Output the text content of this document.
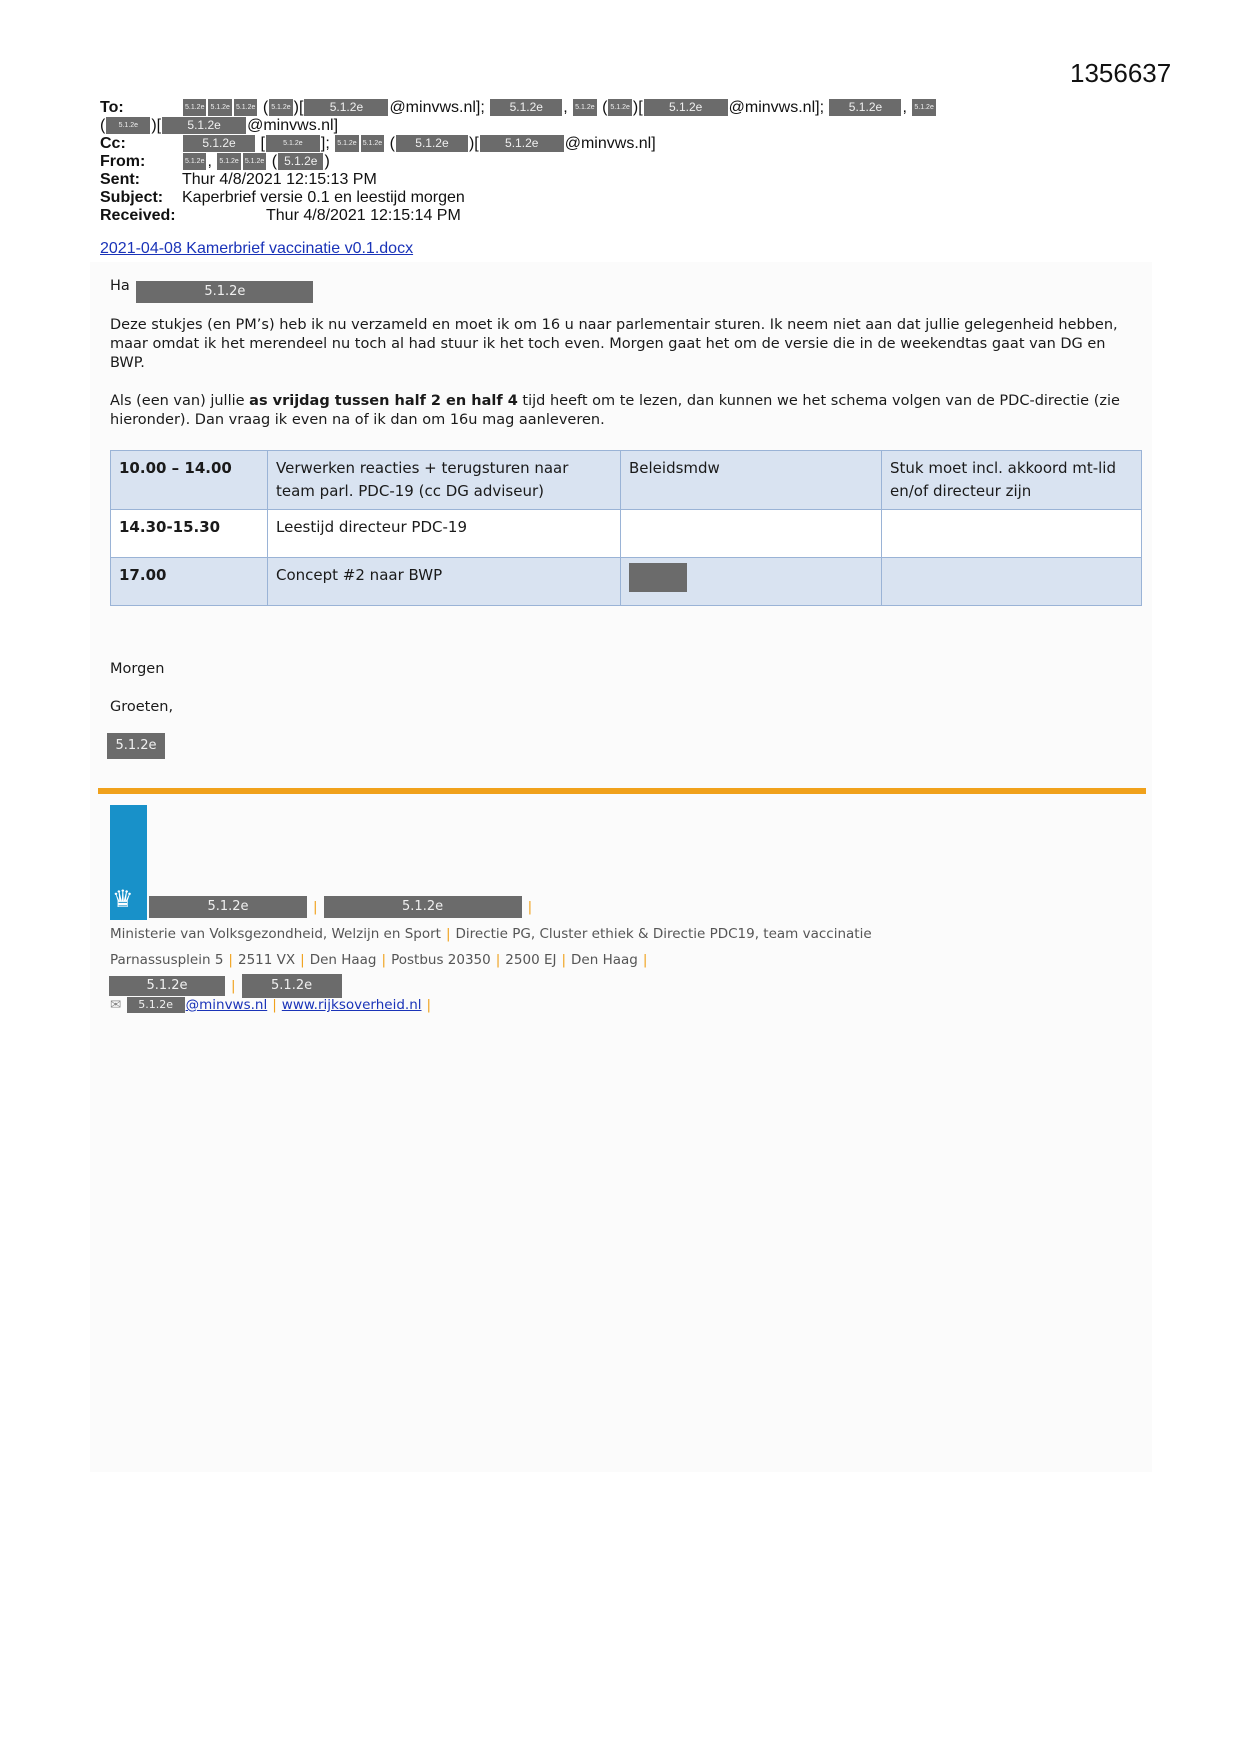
1356637
To:	5.1.2e 5.1.2e 5.1.2e ( 5.1.2e )[ 5.1.2e @minvws.nl]; 5.1.2e , 5.1.2e ( 5.1.2e )[ 5.1.2e @minvws.nl]; 5.1.2e , 5.1.2e
( 5.1.2e )[ 5.1.2e @minvws.nl]
Cc:	5.1.2e [	5.1.2e ]; 5.1.2e 5.1.2e ( 5.1.2e )[ 5.1.2e @minvws.nl]
From:	5.1.2e , 5.1.2e 5.1.2e ( 5.1.2e )
Sent:	Thur 4/8/2021 12:15:13 PM
Subject: Kaperbrief versie 0.1 en leestijd morgen
Received:	Thur 4/8/2021 12:15:14 PM
2021-04-08 Kamerbrief vaccinatie v0.1.docx
Ha	5.1.2e
Deze stukjes (en PM’s) heb ik nu verzameld en moet ik om 16 u naar parlementair sturen. Ik neem niet aan dat jullie gelegenheid hebben, maar omdat ik het merendeel nu toch al had stuur ik het toch even. Morgen gaat het om de versie die in de weekendtas gaat van DG en BWP.
Als (een van) jullie as vrijdag tussen half 2 en half 4 tijd heeft om te lezen, dan kunnen we het schema volgen van de PDC-directie (zie hieronder). Dan vraag ik even na of ik dan om 16u mag aanleveren.
10.00 – 14.00	Verwerken reacties + terugsturen naar team parl. PDC-19 (cc DG adviseur)	Beleidsmdw	Stuk moet incl. akkoord mt-lid en/of directeur zijn
14.30-15.30	Leestijd directeur PDC-19		
17.00	Concept #2 naar BWP		
Morgen
Groeten,
5.1.2e
♛	5.1.2e	|	5.1.2e	|
Ministerie van Volksgezondheid, Welzijn en Sport | Directie PG, Cluster ethiek & Directie PDC19, team vaccinatie
Parnassusplein 5 | 2511 VX | Den Haag | Postbus 20350 | 2500 EJ | Den Haag |
5.1.2e	|	5.1.2e
✉ 5.1.2e @minvws.nl | www.rijksoverheid.nl |
